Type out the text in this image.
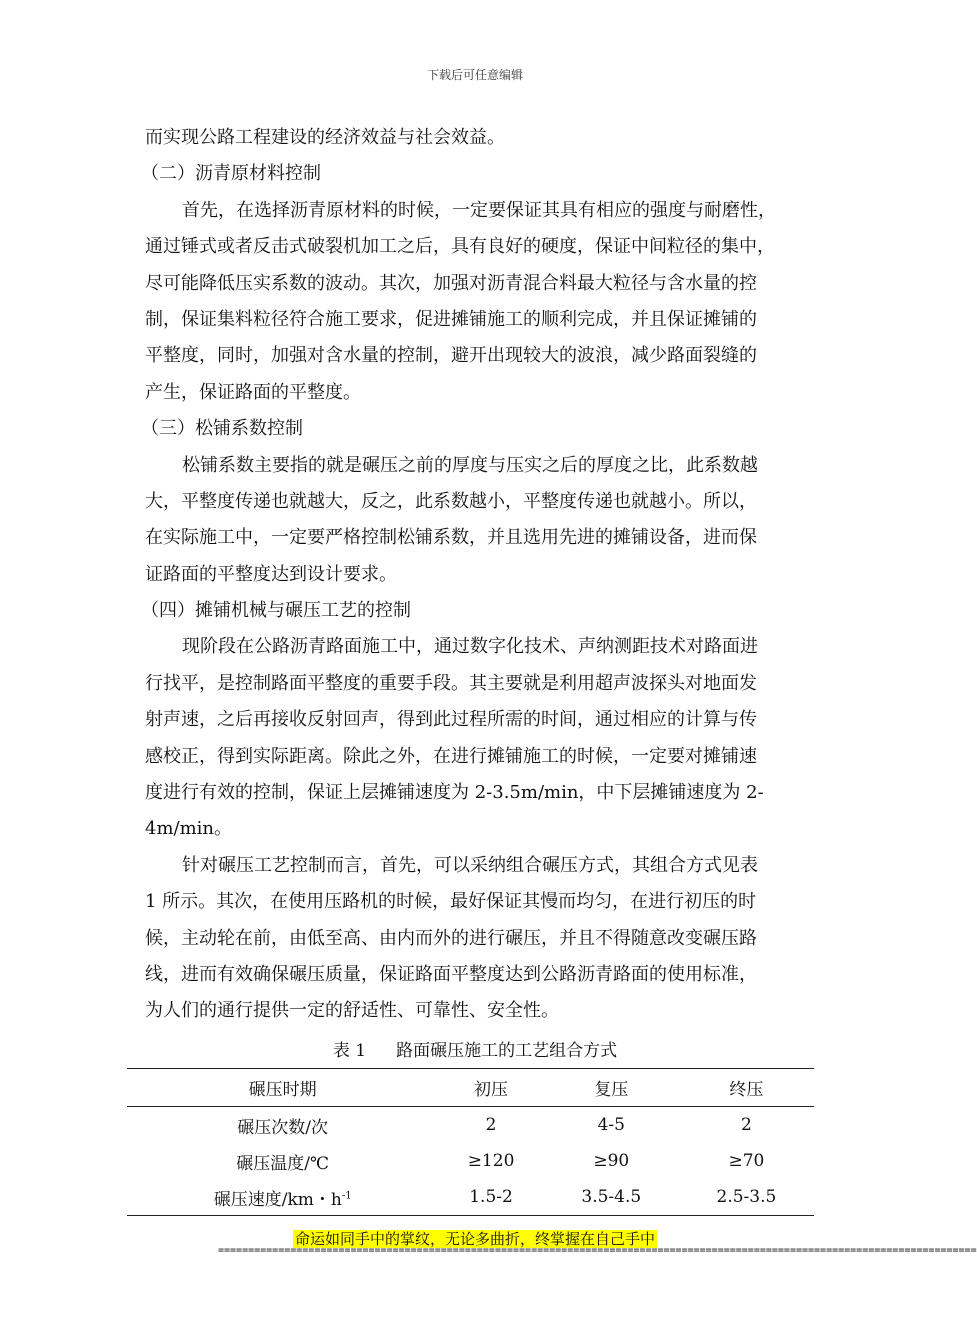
下载后可任意编辑
而实现公路工程建设的经济效益与社会效益。
（二）沥青原材料控制
首先，在选择沥青原材料的时候，一定要保证其具有相应的强度与耐磨性，
通过锤式或者反击式破裂机加工之后，具有良好的硬度，保证中间粒径的集中，
尽可能降低压实系数的波动。其次，加强对沥青混合料最大粒径与含水量的控
制，保证集料粒径符合施工要求，促进摊铺施工的顺利完成，并且保证摊铺的
平整度，同时，加强对含水量的控制，避开出现较大的波浪，减少路面裂缝的
产生，保证路面的平整度。
（三）松铺系数控制
松铺系数主要指的就是碾压之前的厚度与压实之后的厚度之比，此系数越
大，平整度传递也就越大，反之，此系数越小，平整度传递也就越小。所以，
在实际施工中，一定要严格控制松铺系数，并且选用先进的摊铺设备，进而保
证路面的平整度达到设计要求。
（四）摊铺机械与碾压工艺的控制
现阶段在公路沥青路面施工中，通过数字化技术、声纳测距技术对路面进
行找平，是控制路面平整度的重要手段。其主要就是利用超声波探头对地面发
射声速，之后再接收反射回声，得到此过程所需的时间，通过相应的计算与传
感校正，得到实际距离。除此之外，在进行摊铺施工的时候，一定要对摊铺速
度进行有效的控制，保证上层摊铺速度为 2-3.5m/min，中下层摊铺速度为 2-
4m/min。
针对碾压工艺控制而言，首先，可以采纳组合碾压方式，其组合方式见表
1 所示。其次，在使用压路机的时候，最好保证其慢而均匀，在进行初压的时
候，主动轮在前，由低至高、由内而外的进行碾压，并且不得随意改变碾压路
线，进而有效确保碾压质量，保证路面平整度达到公路沥青路面的使用标准，
为人们的通行提供一定的舒适性、可靠性、安全性。
表 1 路面碾压施工的工艺组合方式
碾压时期	初压	复压	终压
碾压次数/次	2	4-5	2
碾压温度/℃	≥120	≥90	≥70
碾压速度/km・$h^{-1}$	1.5-2	3.5-4.5	2.5-3.5
命运如同手中的掌纹，无论多曲折，终掌握在自己手中
==============================================================================================================================
